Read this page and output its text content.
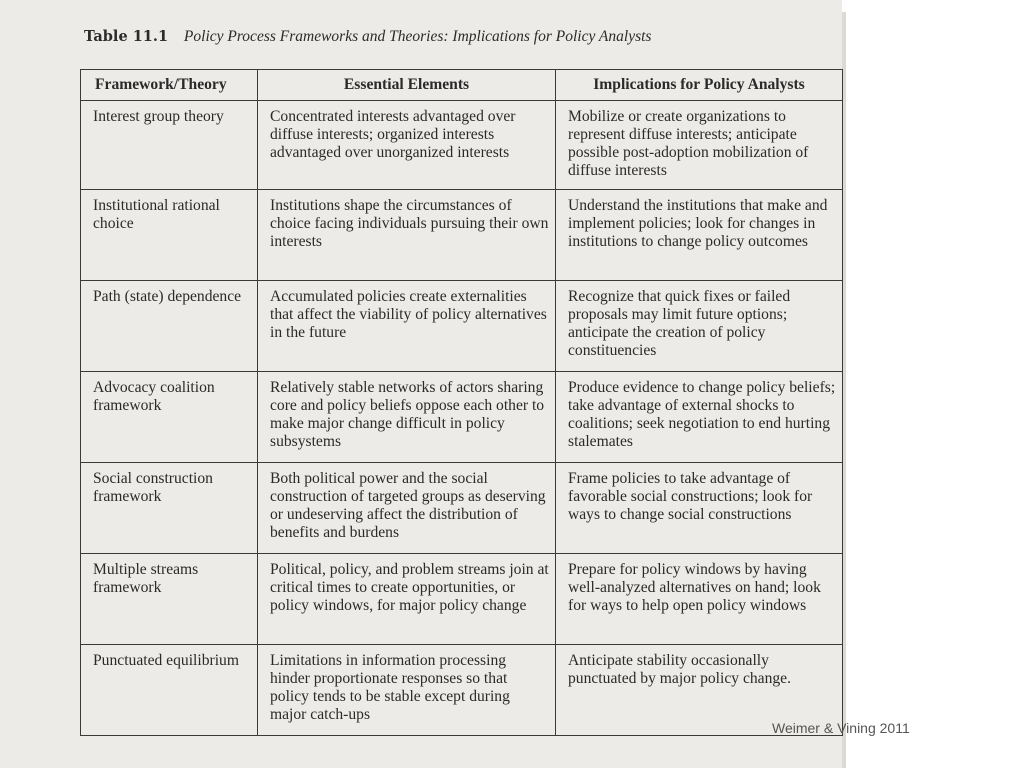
Table 11.1 Policy Process Frameworks and Theories: Implications for Policy Analysts
Framework/Theory	Essential Elements	Implications for Policy Analysts
Interest group theory	Concentrated interests advantaged over diffuse interests; organized interests advantaged over unorganized interests	Mobilize or create organizations to represent diffuse interests; anticipate possible post-adoption mobilization of diffuse interests
Institutional rational choice	Institutions shape the circumstances of choice facing individuals pursuing their own interests	Understand the institutions that make and implement policies; look for changes in institutions to change policy outcomes
Path (state) dependence	Accumulated policies create externalities that affect the viability of policy alternatives in the future	Recognize that quick fixes or failed proposals may limit future options; anticipate the creation of policy constituencies
Advocacy coalition framework	Relatively stable networks of actors sharing core and policy beliefs oppose each other to make major change difficult in policy subsystems	Produce evidence to change policy beliefs; take advantage of external shocks to coalitions; seek negotiation to end hurting stalemates
Social construction framework	Both political power and the social construction of targeted groups as deserving or undeserving affect the distribution of benefits and burdens	Frame policies to take advantage of favorable social constructions; look for ways to change social constructions
Multiple streams framework	Political, policy, and problem streams join at critical times to create opportunities, or policy windows, for major policy change	Prepare for policy windows by having well-analyzed alternatives on hand; look for ways to help open policy windows
Punctuated equilibrium	Limitations in information processing hinder proportionate responses so that policy tends to be stable except during major catch-ups	Anticipate stability occasionally punctuated by major policy change.
Weimer & Vining 2011
